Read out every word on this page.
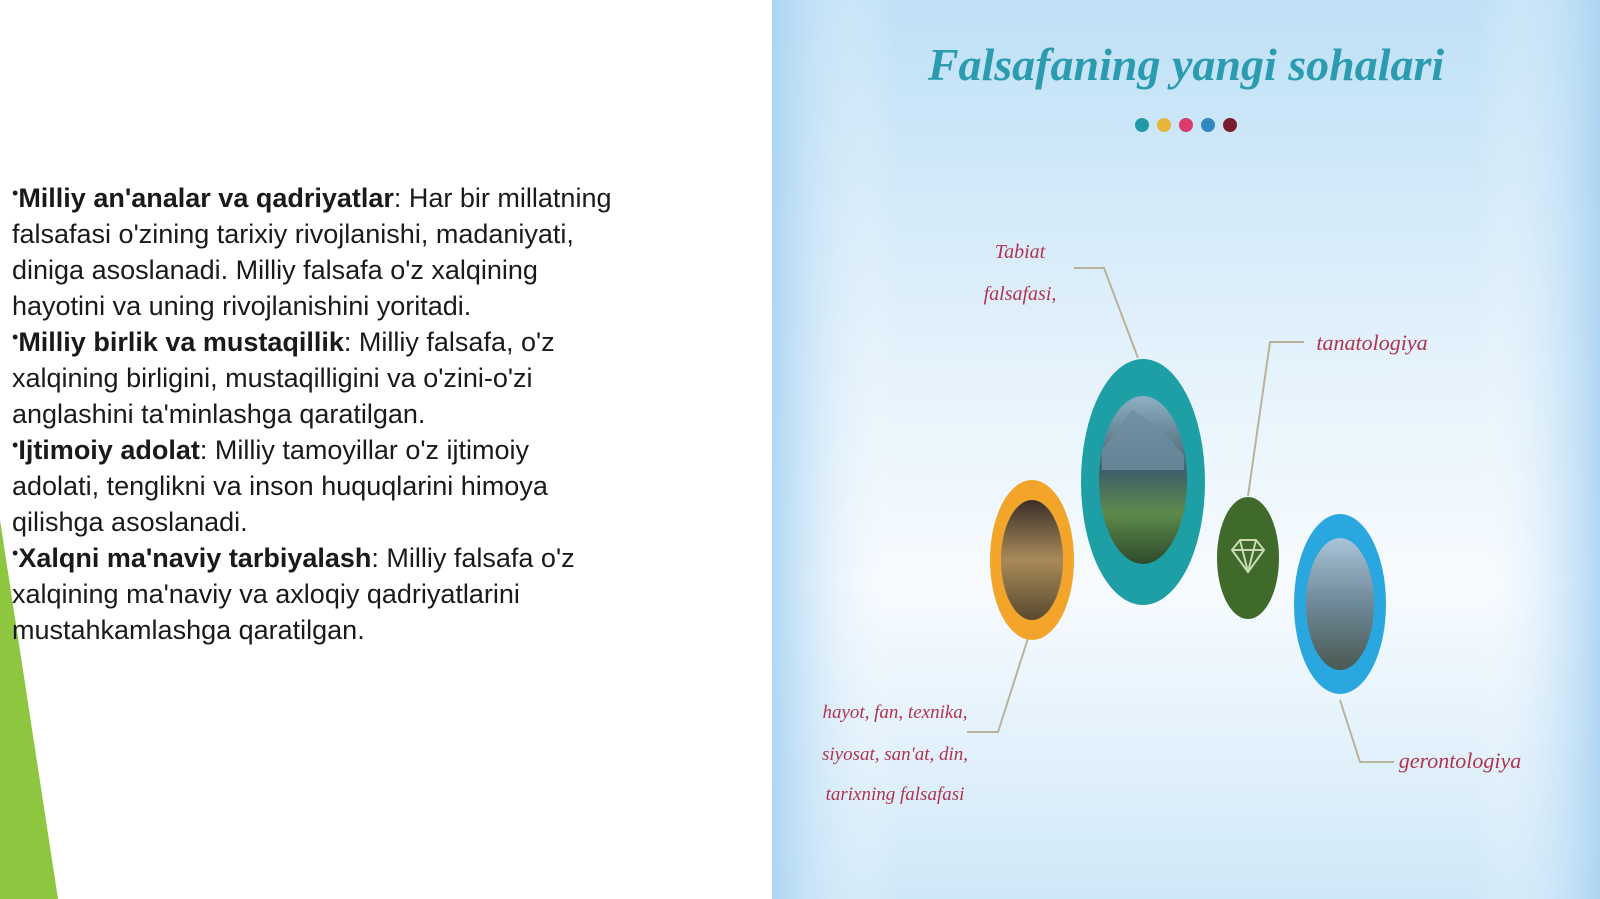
•Milliy an'analar va qadriyatlar: Har bir millatning falsafasi o'zining tarixiy rivojlanishi, madaniyati, diniga asoslanadi. Milliy falsafa o'z xalqining hayotini va uning rivojlanishini yoritadi.
•Milliy birlik va mustaqillik: Milliy falsafa, o'z xalqining birligini, mustaqilligini va o'zini-o'zi anglashini ta'minlashga qaratilgan.
•Ijtimoiy adolat: Milliy tamoyillar o'z ijtimoiy adolati, tenglikni va inson huquqlarini himoya qilishga asoslanadi.
•Xalqni ma'naviy tarbiyalash: Milliy falsafa o'z xalqining ma'naviy va axloqiy qadriyatlarini mustahkamlashga qaratilgan.
Falsafaning yangi sohalari
Tabiat
falsafasi,
tanatologiya
hayot, fan, texnika,
siyosat, san'at, din,
tarixning falsafasi
gerontologiya
